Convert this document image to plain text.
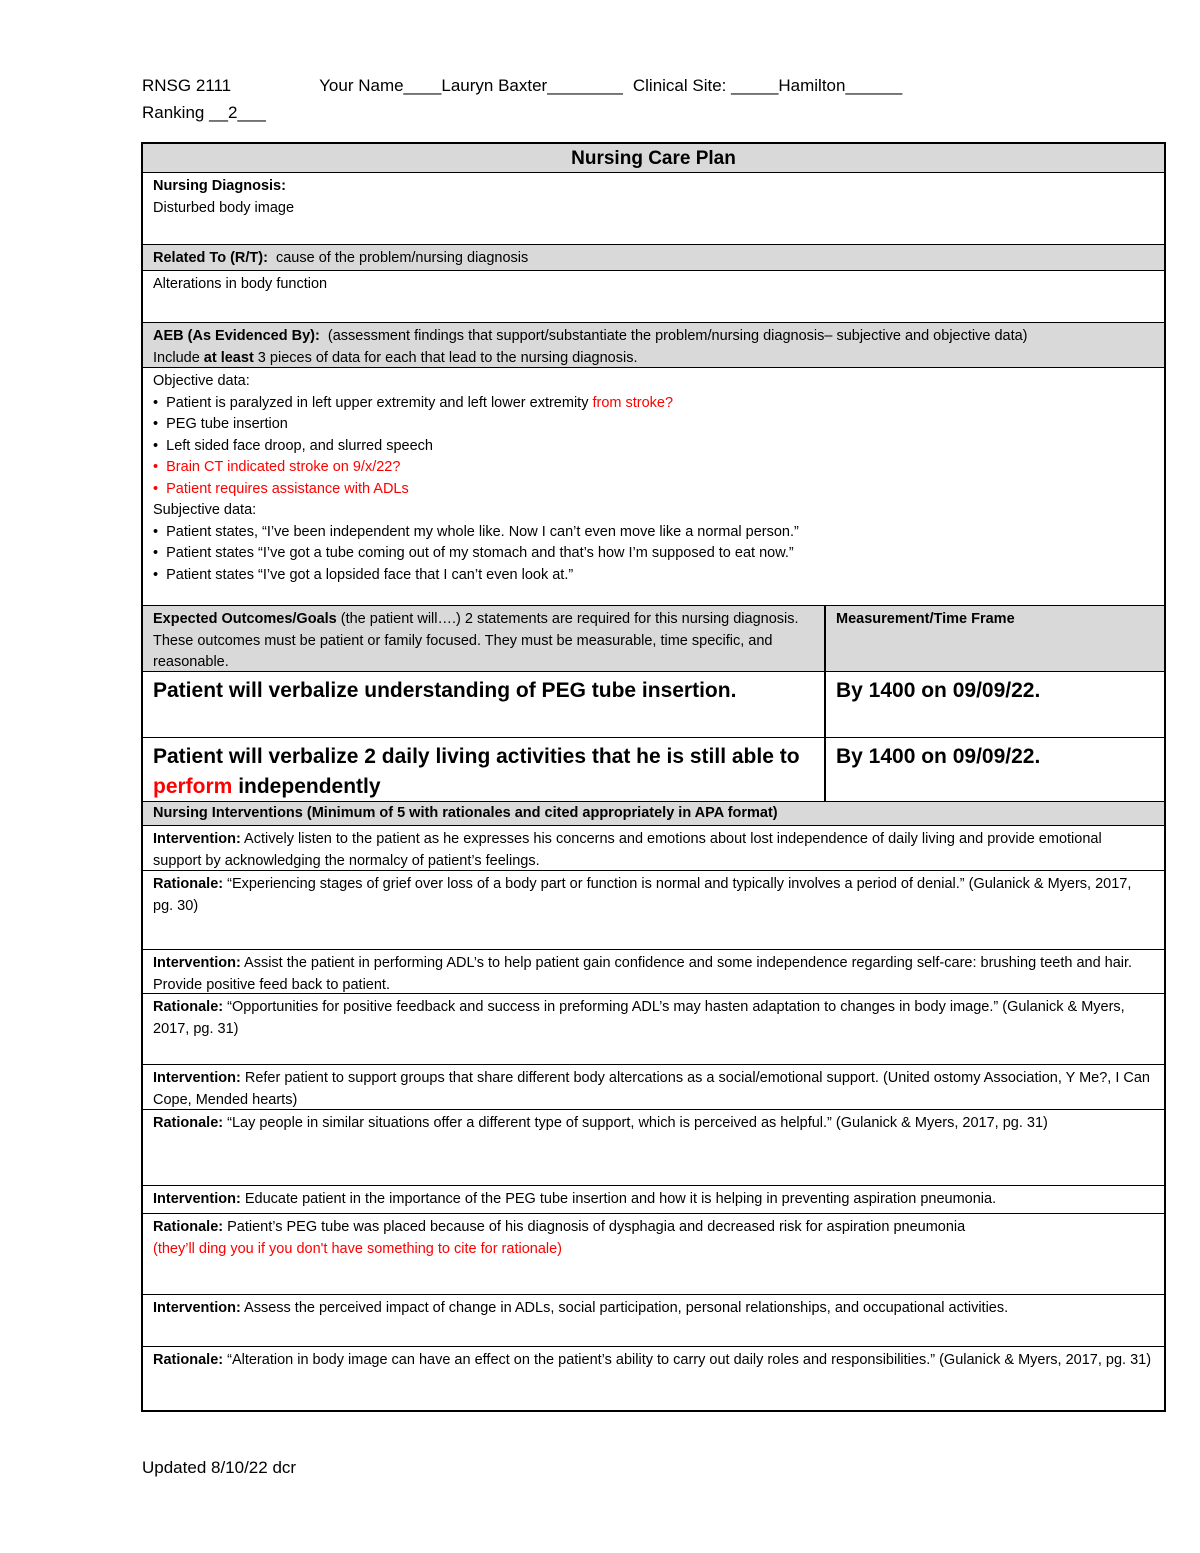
RNSG 2111	Your Name____Lauryn Baxter________ Clinical Site: _____Hamilton______
Ranking __2___
Nursing Care Plan
Nursing Diagnosis:
Disturbed body image
Related To (R/T): cause of the problem/nursing diagnosis
Alterations in body function
AEB (As Evidenced By): (assessment findings that support/substantiate the problem/nursing diagnosis– subjective and objective data)
Include at least 3 pieces of data for each that lead to the nursing diagnosis.
Objective data:
•  Patient is paralyzed in left upper extremity and left lower extremity from stroke?
•  PEG tube insertion
•  Left sided face droop, and slurred speech
•  Brain CT indicated stroke on 9/x/22?
•  Patient requires assistance with ADLs
Subjective data:
•  Patient states, “I’ve been independent my whole like. Now I can’t even move like a normal person.”
•  Patient states “I’ve got a tube coming out of my stomach and that’s how I’m supposed to eat now.”
•  Patient states “I’ve got a lopsided face that I can’t even look at.”
Expected Outcomes/Goals (the patient will….) 2 statements are required for this nursing diagnosis. These outcomes must be patient or family focused. They must be measurable, time specific, and reasonable.
Measurement/Time Frame
Patient will verbalize understanding of PEG tube insertion.	By 1400 on 09/09/22.
Patient will verbalize 2 daily living activities that he is still able to perform independently
By 1400 on 09/09/22.
Nursing Interventions (Minimum of 5 with rationales and cited appropriately in APA format)
Intervention: Actively listen to the patient as he expresses his concerns and emotions about lost independence of daily living and provide emotional support by acknowledging the normalcy of patient’s feelings.
Rationale: “Experiencing stages of grief over loss of a body part or function is normal and typically involves a period of denial.” (Gulanick & Myers, 2017, pg. 30)
Intervention: Assist the patient in performing ADL’s to help patient gain confidence and some independence regarding self-care: brushing teeth and hair. Provide positive feed back to patient.
Rationale: “Opportunities for positive feedback and success in preforming ADL’s may hasten adaptation to changes in body image.” (Gulanick & Myers, 2017, pg. 31)
Intervention: Refer patient to support groups that share different body altercations as a social/emotional support. (United ostomy Association, Y Me?, I Can Cope, Mended hearts)
Rationale: “Lay people in similar situations offer a different type of support, which is perceived as helpful.” (Gulanick & Myers, 2017, pg. 31)
Intervention: Educate patient in the importance of the PEG tube insertion and how it is helping in preventing aspiration pneumonia.
Rationale: Patient’s PEG tube was placed because of his diagnosis of dysphagia and decreased risk for aspiration pneumonia
(they’ll ding you if you don't have something to cite for rationale)
Intervention: Assess the perceived impact of change in ADLs, social participation, personal relationships, and occupational activities.
Rationale: “Alteration in body image can have an effect on the patient’s ability to carry out daily roles and responsibilities.” (Gulanick & Myers, 2017, pg. 31)
Updated 8/10/22 dcr
